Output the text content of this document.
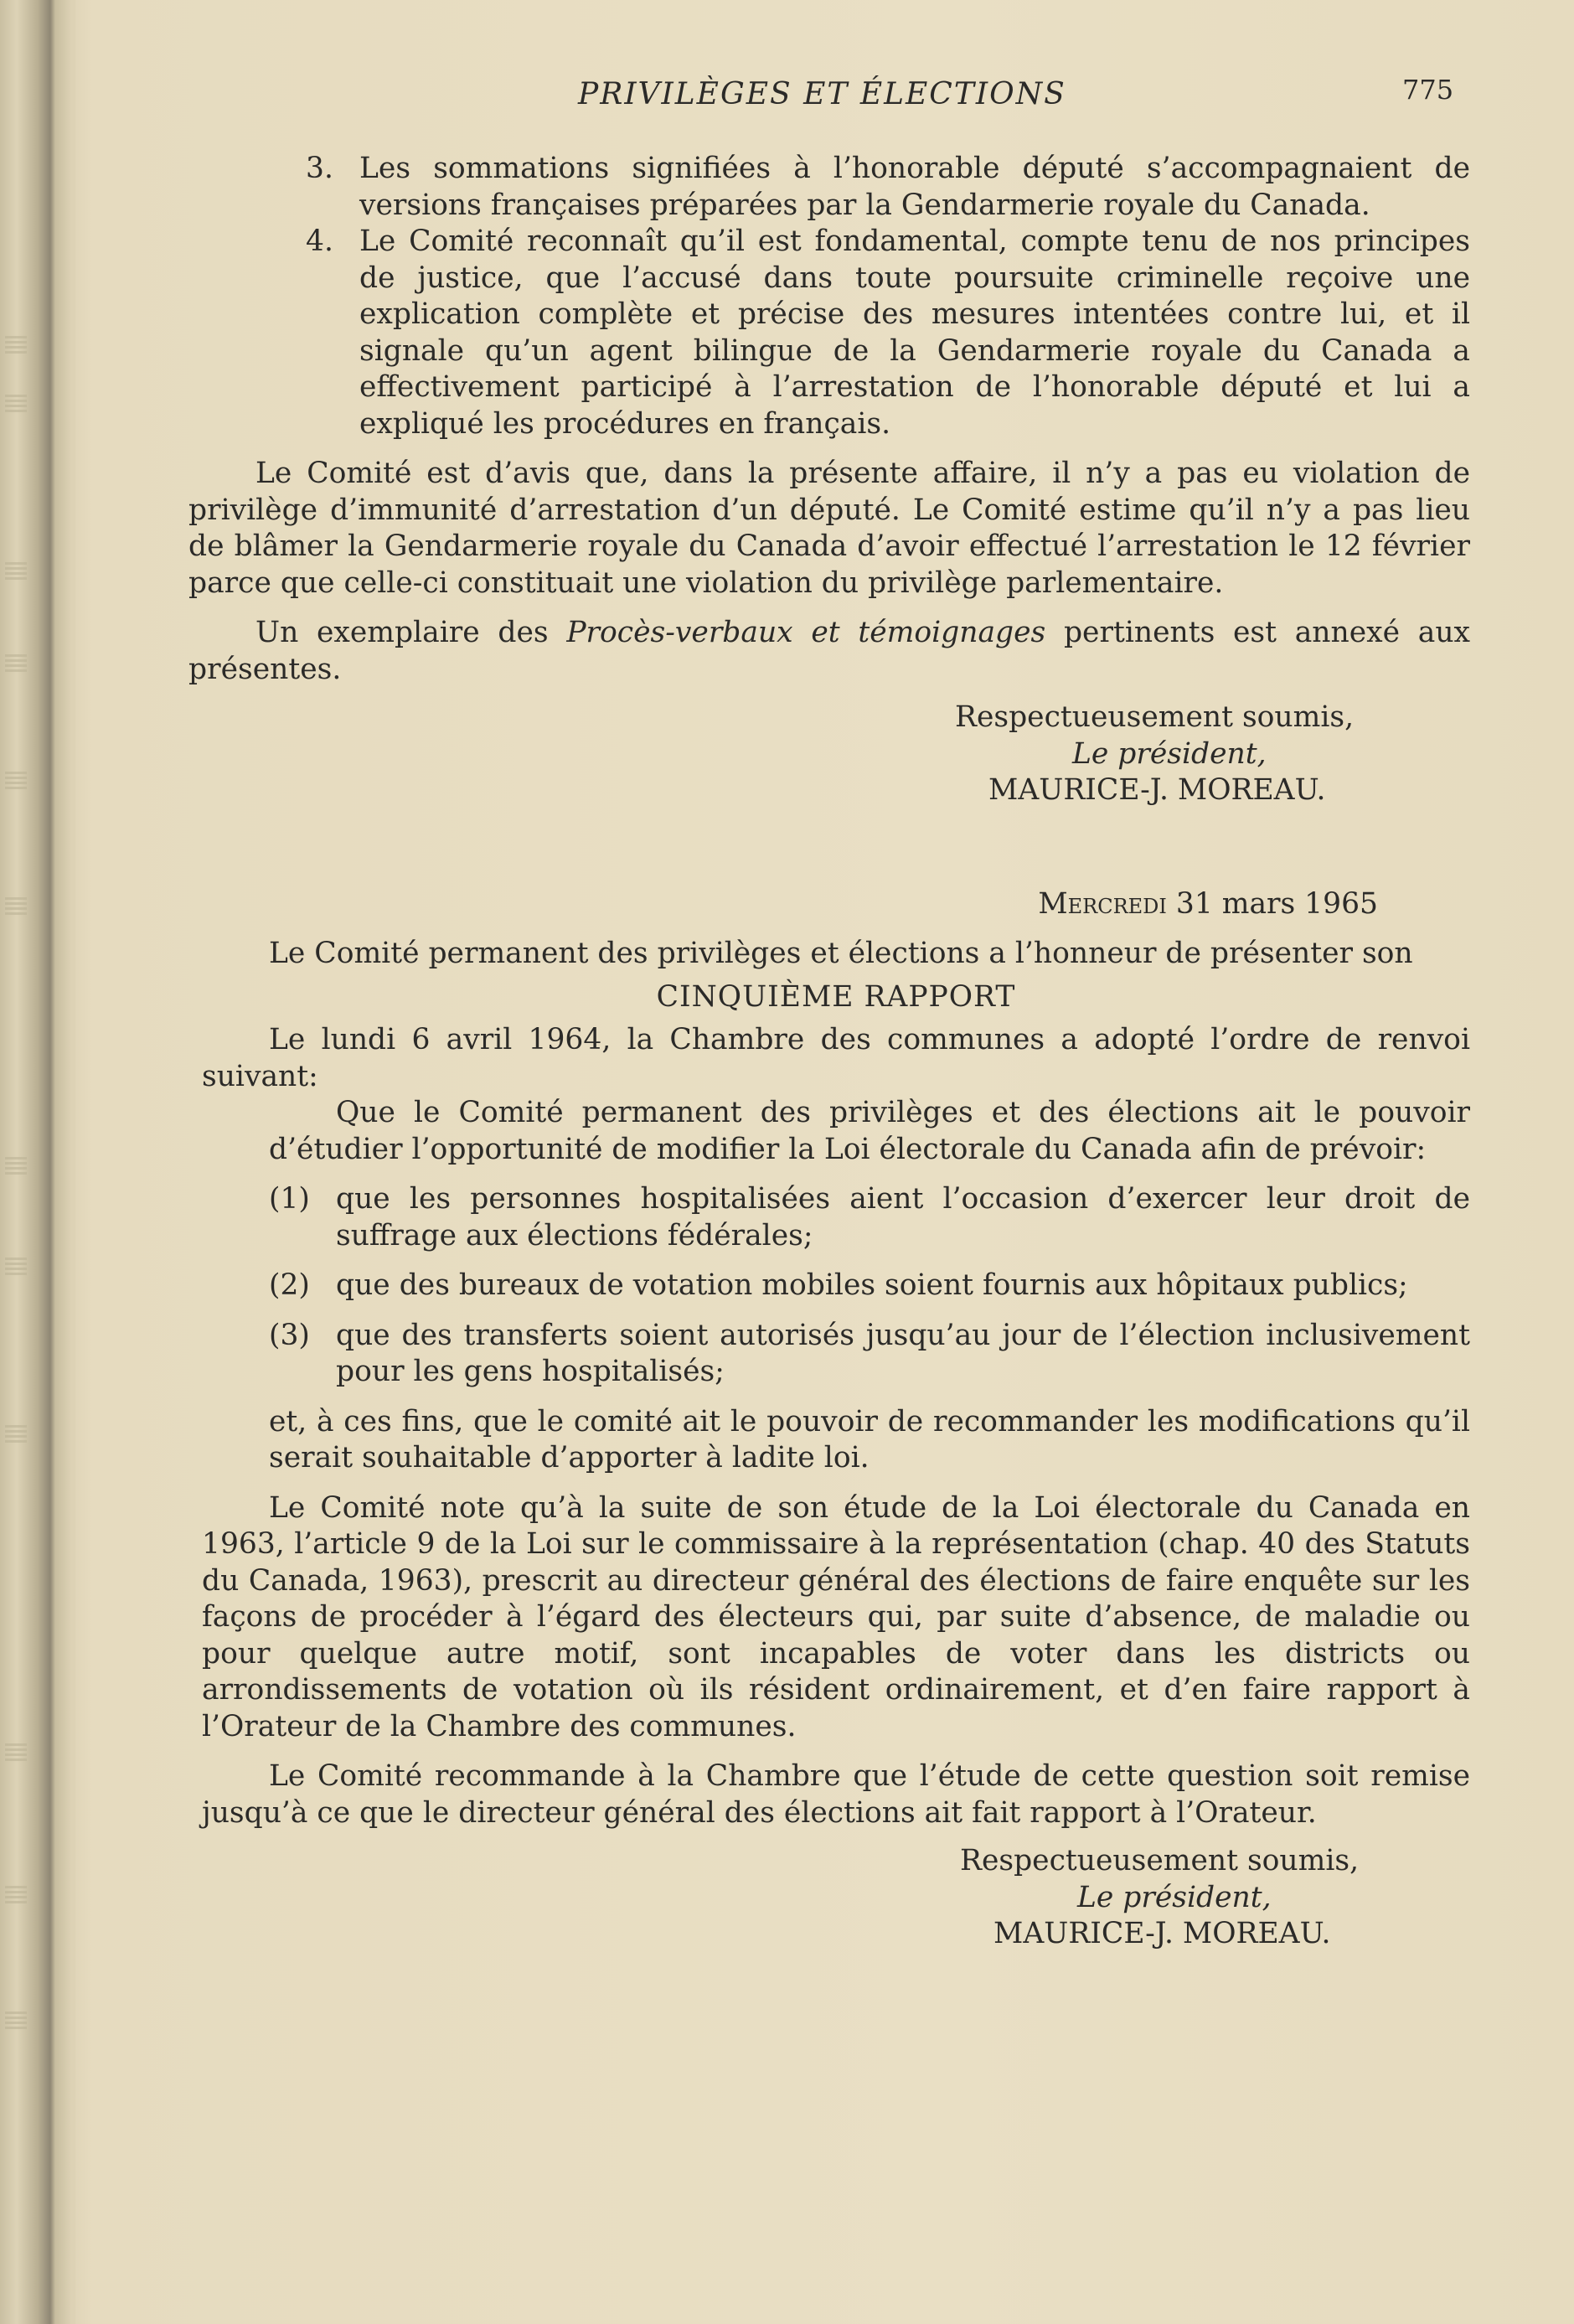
PRIVILÈGES ET ÉLECTIONS	775
3. Les sommations signifiées à l’honorable député s’accompagnaient de versions françaises préparées par la Gendarmerie royale du Canada.
4. Le Comité reconnaît qu’il est fondamental, compte tenu de nos principes de justice, que l’accusé dans toute poursuite criminelle reçoive une explication complète et précise des mesures intentées contre lui, et il signale qu’un agent bilingue de la Gendarmerie royale du Canada a effectivement participé à l’arrestation de l’honorable député et lui a expliqué les procédures en français.

Le Comité est d’avis que, dans la présente affaire, il n’y a pas eu violation de privilège d’immunité d’arrestation d’un député. Le Comité estime qu’il n’y a pas lieu de blâmer la Gendarmerie royale du Canada d’avoir effectué l’arrestation le 12 février parce que celle-ci constituait une violation du privilège parlementaire.

Un exemplaire des Procès-verbaux et témoignages pertinents est annexé aux présentes.

Respectueusement soumis,
Le président,
MAURICE-J. MOREAU.

Mercredi 31 mars 1965

Le Comité permanent des privilèges et élections a l’honneur de présenter son

CINQUIÈME RAPPORT

Le lundi 6 avril 1964, la Chambre des communes a adopté l’ordre de renvoi suivant:

Que le Comité permanent des privilèges et des élections ait le pouvoir d’étudier l’opportunité de modifier la Loi électorale du Canada afin de prévoir:

(1) que les personnes hospitalisées aient l’occasion d’exercer leur droit de suffrage aux élections fédérales;
(2) que des bureaux de votation mobiles soient fournis aux hôpitaux publics;
(3) que des transferts soient autorisés jusqu’au jour de l’élection inclusivement pour les gens hospitalisés;

et, à ces fins, que le comité ait le pouvoir de recommander les modifications qu’il serait souhaitable d’apporter à ladite loi.

Le Comité note qu’à la suite de son étude de la Loi électorale du Canada en 1963, l’article 9 de la Loi sur le commissaire à la représentation (chap. 40 des Statuts du Canada, 1963), prescrit au directeur général des élections de faire enquête sur les façons de procéder à l’égard des électeurs qui, par suite d’absence, de maladie ou pour quelque autre motif, sont incapables de voter dans les districts ou arrondissements de votation où ils résident ordinairement, et d’en faire rapport à l’Orateur de la Chambre des communes.

Le Comité recommande à la Chambre que l’étude de cette question soit remise jusqu’à ce que le directeur général des élections ait fait rapport à l’Orateur.

Respectueusement soumis,
Le président,
MAURICE-J. MOREAU.
